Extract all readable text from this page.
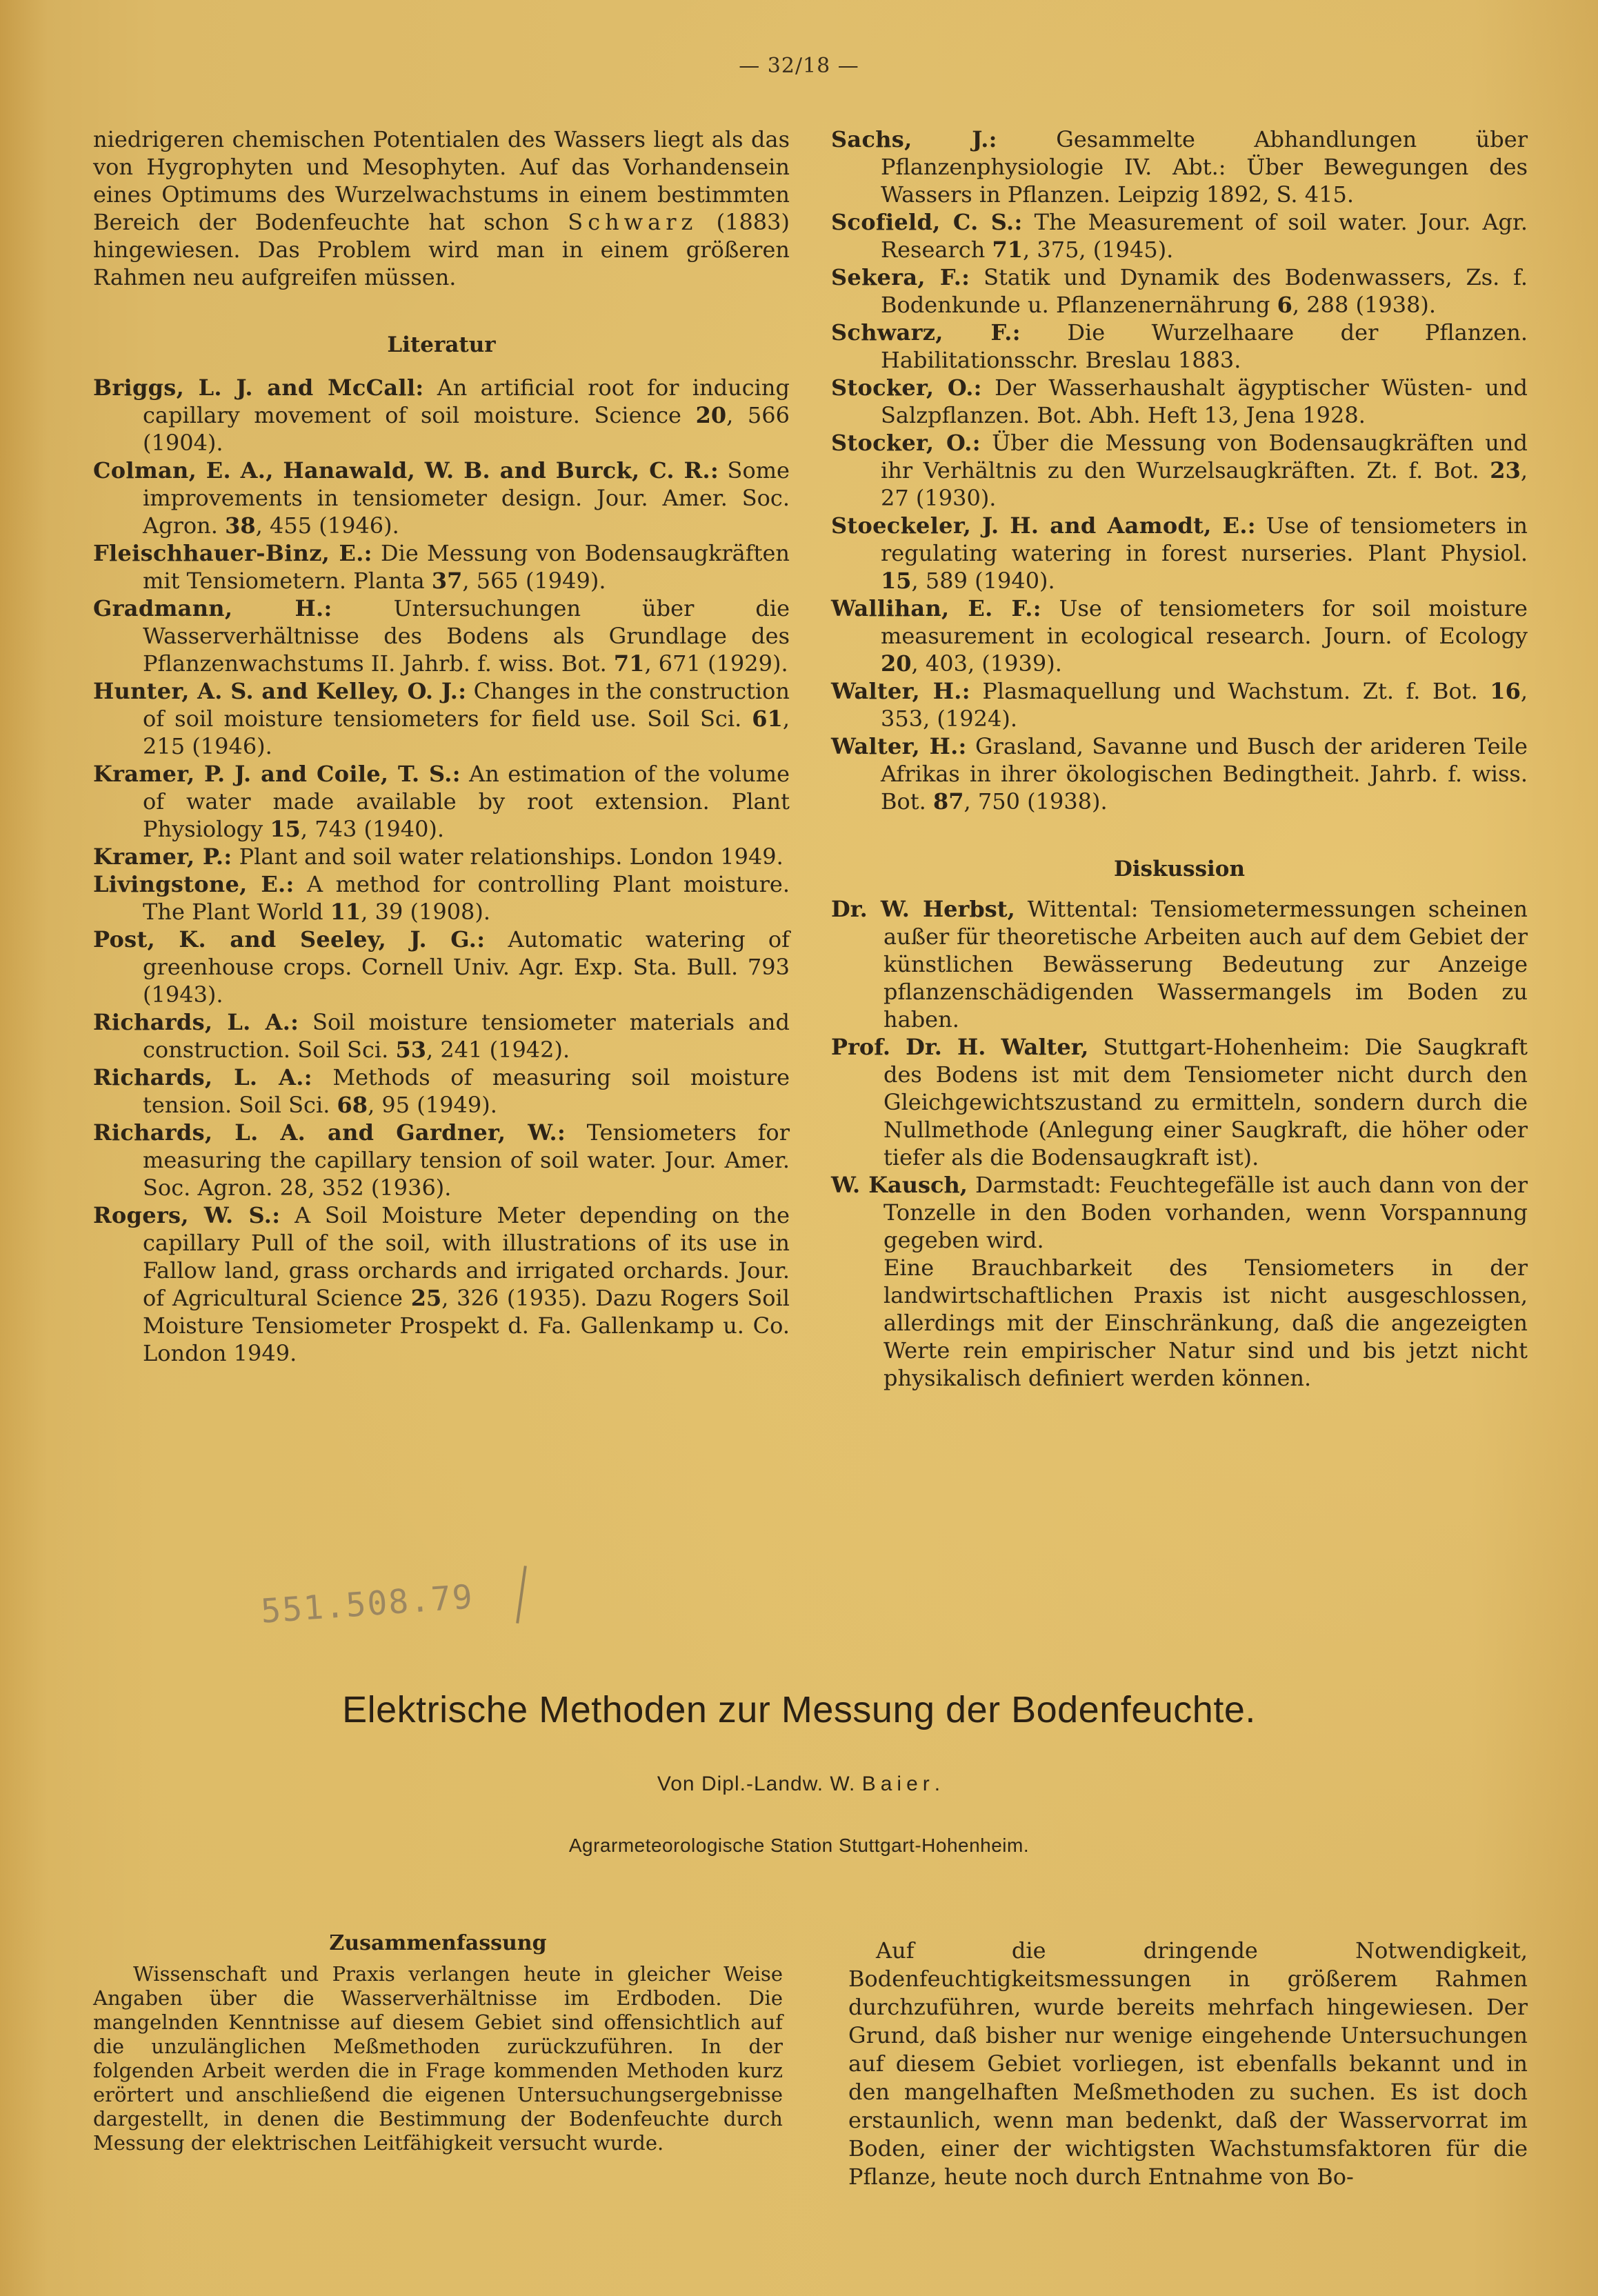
— 32/18 —

niedrigeren chemischen Potentialen des Wassers liegt als das von Hygrophyten und Mesophyten. Auf das Vorhandensein eines Optimums des Wurzelwachstums in einem bestimmten Bereich der Bodenfeuchte hat schon Schwarz (1883) hingewiesen. Das Problem wird man in einem größeren Rahmen neu aufgreifen müssen.

Literatur

Briggs, L. J. and McCall: An artificial root for inducing capillary movement of soil moisture. Science 20, 566 (1904).

Colman, E. A., Hanawald, W. B. and Burck, C. R.: Some improvements in tensiometer design. Jour. Amer. Soc. Agron. 38, 455 (1946).

Fleischhauer-Binz, E.: Die Messung von Bodensaugkräften mit Tensiometern. Planta 37, 565 (1949).

Gradmann, H.: Untersuchungen über die Wasserverhältnisse des Bodens als Grundlage des Pflanzenwachstums II. Jahrb. f. wiss. Bot. 71, 671 (1929).

Hunter, A. S. and Kelley, O. J.: Changes in the construction of soil moisture tensiometers for field use. Soil Sci. 61, 215 (1946).

Kramer, P. J. and Coile, T. S.: An estimation of the volume of water made available by root extension. Plant Physiology 15, 743 (1940).

Kramer, P.: Plant and soil water relationships. London 1949.

Livingstone, E.: A method for controlling Plant moisture. The Plant World 11, 39 (1908).

Post, K. and Seeley, J. G.: Automatic watering of greenhouse crops. Cornell Univ. Agr. Exp. Sta. Bull. 793 (1943).

Richards, L. A.: Soil moisture tensiometer materials and construction. Soil Sci. 53, 241 (1942).

Richards, L. A.: Methods of measuring soil moisture tension. Soil Sci. 68, 95 (1949).

Richards, L. A. and Gardner, W.: Tensiometers for measuring the capillary tension of soil water. Jour. Amer. Soc. Agron. 28, 352 (1936).

Rogers, W. S.: A Soil Moisture Meter depending on the capillary Pull of the soil, with illustrations of its use in Fallow land, grass orchards and irrigated orchards. Jour. of Agricultural Science 25, 326 (1935). Dazu Rogers Soil Moisture Tensiometer Prospekt d. Fa. Gallenkamp u. Co. London 1949.

Sachs, J.: Gesammelte Abhandlungen über Pflanzenphysiologie IV. Abt.: Über Bewegungen des Wassers in Pflanzen. Leipzig 1892, S. 415.

Scofield, C. S.: The Measurement of soil water. Jour. Agr. Research 71, 375, (1945).

Sekera, F.: Statik und Dynamik des Bodenwassers, Zs. f. Bodenkunde u. Pflanzenernährung 6, 288 (1938).

Schwarz, F.: Die Wurzelhaare der Pflanzen. Habilitationsschr. Breslau 1883.

Stocker, O.: Der Wasserhaushalt ägyptischer Wüsten- und Salzpflanzen. Bot. Abh. Heft 13, Jena 1928.

Stocker, O.: Über die Messung von Bodensaugkräften und ihr Verhältnis zu den Wurzelsaugkräften. Zt. f. Bot. 23, 27 (1930).

Stoeckeler, J. H. and Aamodt, E.: Use of tensiometers in regulating watering in forest nurseries. Plant Physiol. 15, 589 (1940).

Wallihan, E. F.: Use of tensiometers for soil moisture measurement in ecological research. Journ. of Ecology 20, 403, (1939).

Walter, H.: Plasmaquellung und Wachstum. Zt. f. Bot. 16, 353, (1924).

Walter, H.: Grasland, Savanne und Busch der arideren Teile Afrikas in ihrer ökologischen Bedingtheit. Jahrb. f. wiss. Bot. 87, 750 (1938).

Diskussion

Dr. W. Herbst, Wittental: Tensiometermessungen scheinen außer für theoretische Arbeiten auch auf dem Gebiet der künstlichen Bewässerung Bedeutung zur Anzeige pflanzenschädigenden Wassermangels im Boden zu haben.

Prof. Dr. H. Walter, Stuttgart-Hohenheim: Die Saugkraft des Bodens ist mit dem Tensiometer nicht durch den Gleichgewichtszustand zu ermitteln, sondern durch die Nullmethode (Anlegung einer Saugkraft, die höher oder tiefer als die Bodensaugkraft ist).

W. Kausch, Darmstadt: Feuchtegefälle ist auch dann von der Tonzelle in den Boden vorhanden, wenn Vorspannung gegeben wird.

Eine Brauchbarkeit des Tensiometers in der landwirtschaftlichen Praxis ist nicht ausgeschlossen, allerdings mit der Einschränkung, daß die angezeigten Werte rein empirischer Natur sind und bis jetzt nicht physikalisch definiert werden können.

551.508.79
Elektrische Methoden zur Messung der Bodenfeuchte.
Von Dipl.-Landw. W. Baier.
Agrarmeteorologische Station Stuttgart-Hohenheim.
Zusammenfassung

Wissenschaft und Praxis verlangen heute in gleicher Weise Angaben über die Wasserverhältnisse im Erdboden. Die mangelnden Kenntnisse auf diesem Gebiet sind offensichtlich auf die unzulänglichen Meßmethoden zurückzuführen. In der folgenden Arbeit werden die in Frage kommenden Methoden kurz erörtert und anschließend die eigenen Untersuchungsergebnisse dargestellt, in denen die Bestimmung der Bodenfeuchte durch Messung der elektrischen Leitfähigkeit versucht wurde.

Auf die dringende Notwendigkeit, Bodenfeuchtigkeitsmessungen in größerem Rahmen durchzuführen, wurde bereits mehrfach hingewiesen. Der Grund, daß bisher nur wenige eingehende Untersuchungen auf diesem Gebiet vorliegen, ist ebenfalls bekannt und in den mangelhaften Meßmethoden zu suchen. Es ist doch erstaunlich, wenn man bedenkt, daß der Wasservorrat im Boden, einer der wichtigsten Wachstumsfaktoren für die Pflanze, heute noch durch Entnahme von Bo-
